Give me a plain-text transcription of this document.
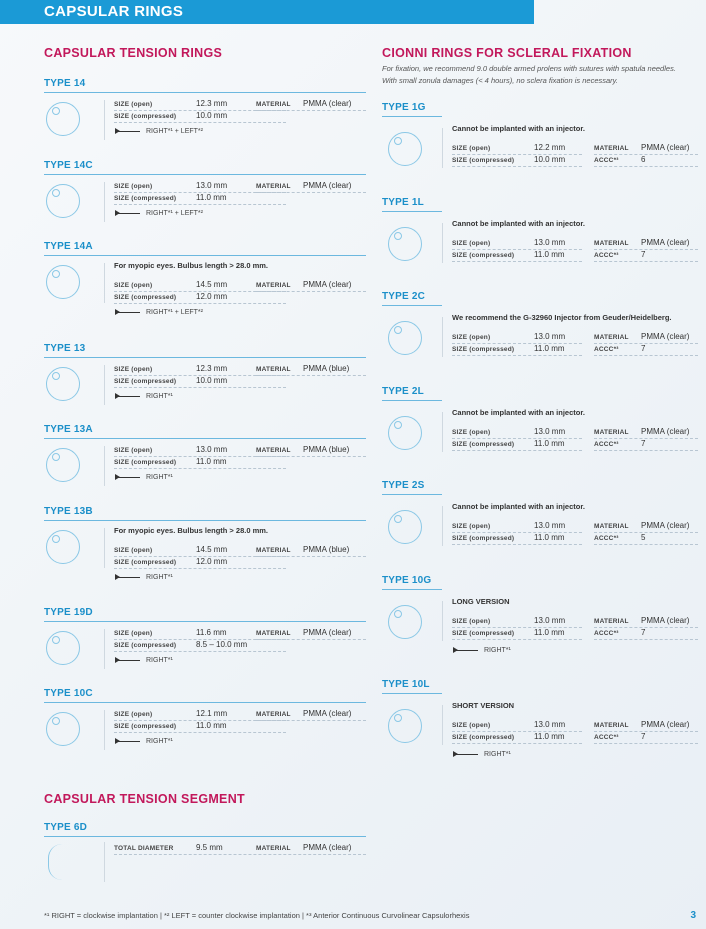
CAPSULAR RINGS
CAPSULAR TENSION RINGS	CIONNI RINGS FOR SCLERAL FIXATION
For fixation, we recommend 9.0 double armed prolens with sutures with spatula needles.
With small zonula damages (< 4 hours), no sclera fixation is necessary.
TYPE 14
SIZE (open)	12.3 mm	MATERIAL PMMA (clear)
SIZE (compressed) 10.0 mm
RIGHT*¹ + LEFT*²
TYPE 14C
SIZE (open)	13.0 mm	MATERIAL PMMA (clear)
SIZE (compressed) 11.0 mm
RIGHT*¹ + LEFT*²
TYPE 14A
For myopic eyes. Bulbus length > 28.0 mm.
SIZE (open)	14.5 mm	MATERIAL PMMA (clear)
SIZE (compressed) 12.0 mm
RIGHT*¹ + LEFT*²
TYPE 13
SIZE (open)	12.3 mm	MATERIAL PMMA (blue)
SIZE (compressed) 10.0 mm
RIGHT*¹
TYPE 13A
SIZE (open)	13.0 mm	MATERIAL PMMA (blue)
SIZE (compressed) 11.0 mm
RIGHT*¹
TYPE 13B
For myopic eyes. Bulbus length > 28.0 mm.
SIZE (open)	14.5 mm	MATERIAL PMMA (blue)
SIZE (compressed) 12.0 mm
RIGHT*¹
TYPE 19D
SIZE (open)	11.6 mm	MATERIAL PMMA (clear)
SIZE (compressed) 8.5 – 10.0 mm
RIGHT*¹
TYPE 10C
SIZE (open)	12.1 mm	MATERIAL PMMA (clear)
SIZE (compressed) 11.0 mm
RIGHT*¹
TYPE 1G
Cannot be implanted with an injector.
SIZE (open)	12.2 mm	MATERIAL PMMA (clear)
SIZE (compressed) 10.0 mm	ACCC*³	6
TYPE 1L
Cannot be implanted with an injector.
SIZE (open)	13.0 mm	MATERIAL PMMA (clear)
SIZE (compressed) 11.0 mm	ACCC*³	7
TYPE 2C
We recommend the G-32960 Injector from Geuder/Heidelberg.
SIZE (open)	13.0 mm	MATERIAL PMMA (clear)
SIZE (compressed) 11.0 mm	ACCC*³	7
TYPE 2L
Cannot be implanted with an injector.
SIZE (open)	13.0 mm	MATERIAL PMMA (clear)
SIZE (compressed) 11.0 mm	ACCC*³	7
TYPE 2S
Cannot be implanted with an injector.
SIZE (open)	13.0 mm	MATERIAL PMMA (clear)
SIZE (compressed) 11.0 mm	ACCC*³	5
TYPE 10G
LONG VERSION
SIZE (open)	13.0 mm	MATERIAL PMMA (clear)
SIZE (compressed) 11.0 mm	ACCC*³	7
RIGHT*¹
TYPE 10L
SHORT VERSION
SIZE (open)	13.0 mm	MATERIAL PMMA (clear)
SIZE (compressed) 11.0 mm	ACCC*³	7
RIGHT*¹
CAPSULAR TENSION SEGMENT
TYPE 6D
TOTAL DIAMETER	9.5 mm	MATERIAL PMMA (clear)
*¹ RIGHT = clockwise implantation | *² LEFT = counter clockwise implantation | *³ Anterior Continuous Curvolinear Capsulorhexis	3
